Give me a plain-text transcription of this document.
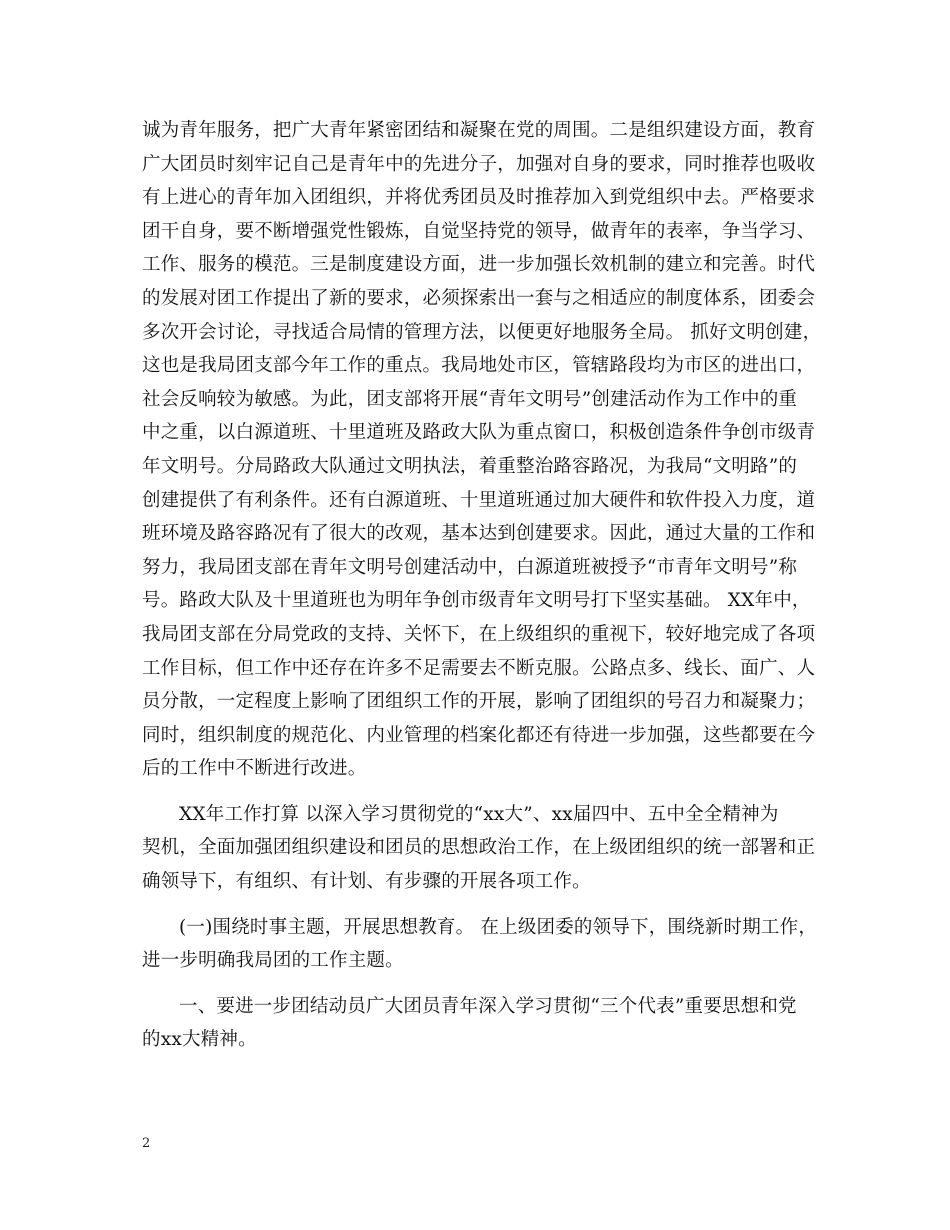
诚为青年服务，把广大青年紧密团结和凝聚在党的周围。二是组织建设方面，教育
广大团员时刻牢记自己是青年中的先进分子，加强对自身的要求，同时推荐也吸收
有上进心的青年加入团组织，并将优秀团员及时推荐加入到党组织中去。严格要求
团干自身，要不断增强党性锻炼，自觉坚持党的领导，做青年的表率，争当学习、
工作、服务的模范。三是制度建设方面，进一步加强长效机制的建立和完善。时代
的发展对团工作提出了新的要求，必须探索出一套与之相适应的制度体系，团委会
多次开会讨论，寻找适合局情的管理方法，以便更好地服务全局。 抓好文明创建，
这也是我局团支部今年工作的重点。我局地处市区，管辖路段均为市区的进出口，
社会反响较为敏感。为此，团支部将开展“青年文明号”创建活动作为工作中的重
中之重，以白源道班、十里道班及路政大队为重点窗口，积极创造条件争创市级青
年文明号。分局路政大队通过文明执法，着重整治路容路况，为我局“文明路”的
创建提供了有利条件。还有白源道班、十里道班通过加大硬件和软件投入力度，道
班环境及路容路况有了很大的改观，基本达到创建要求。因此，通过大量的工作和
努力，我局团支部在青年文明号创建活动中，白源道班被授予“市青年文明号”称
号。路政大队及十里道班也为明年争创市级青年文明号打下坚实基础。 XX年中，
我局团支部在分局党政的支持、关怀下，在上级组织的重视下，较好地完成了各项
工作目标，但工作中还存在许多不足需要去不断克服。公路点多、线长、面广、人
员分散，一定程度上影响了团组织工作的开展，影响了团组织的号召力和凝聚力；
同时，组织制度的规范化、内业管理的档案化都还有待进一步加强，这些都要在今
后的工作中不断进行改进。
XX年工作打算 以深入学习贯彻党的“xx大”、xx届四中、五中全全精神为
契机，全面加强团组织建设和团员的思想政治工作，在上级团组织的统一部署和正
确领导下，有组织、有计划、有步骤的开展各项工作。
(一)围绕时事主题，开展思想教育。 在上级团委的领导下，围绕新时期工作，
进一步明确我局团的工作主题。
一、要进一步团结动员广大团员青年深入学习贯彻“三个代表”重要思想和党
的xx大精神。
2
